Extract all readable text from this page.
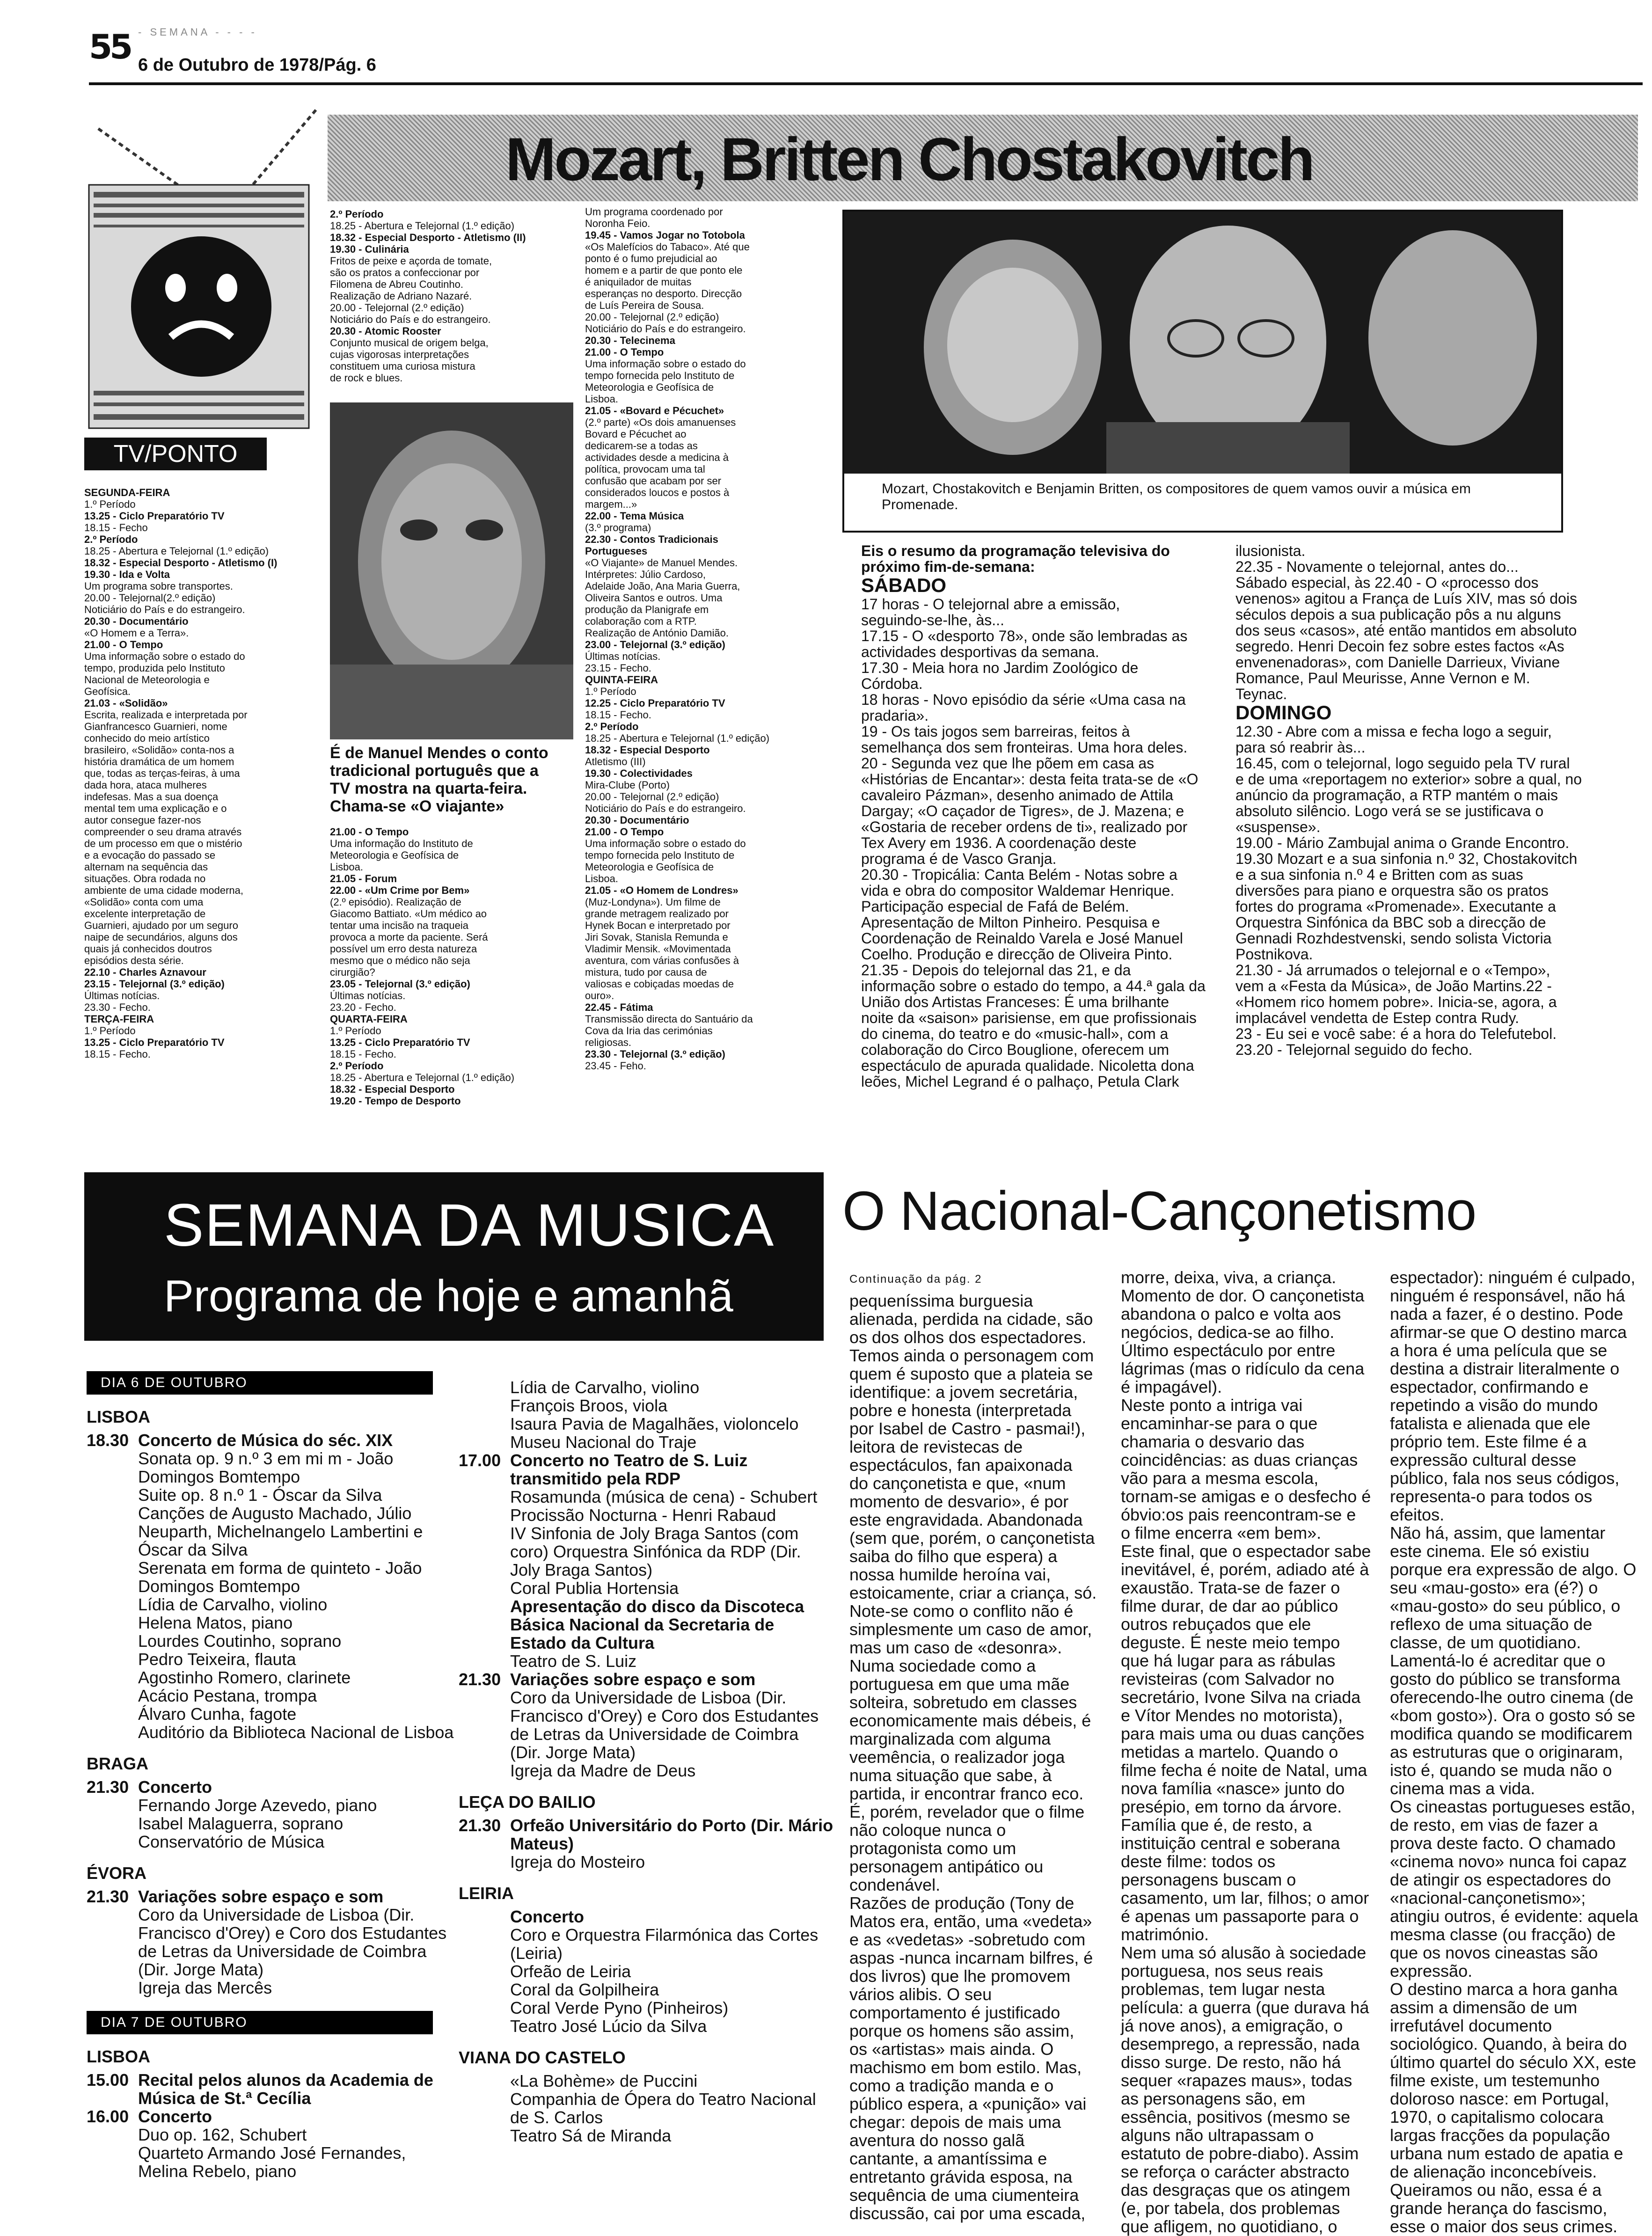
55 - SEMANA - - - -
6 de Outubro de 1978/Pág. 6
TV/PONTO
SEGUNDA-FEIRA
1.º Período
13.25 - Ciclo Preparatório TV
18.15 - Fecho
2.º Período
18.25 - Abertura e Telejornal (1.º edição)
18.32 - Especial Desporto - Atletismo (I)
19.30 - Ida e Volta
Um programa sobre transportes.
20.00 - Telejornal(2.º edição)
Noticiário do País e do estrangeiro.
20.30 - Documentário
«O Homem e a Terra».
21.00 - O Tempo
Uma informação sobre o estado do
tempo, produzida pelo Instituto
Nacional de Meteorologia e
Geofísica.
21.03 - «Solidão»
Escrita, realizada e interpretada por
Gianfrancesco Guarnieri, nome
conhecido do meio artístico
brasileiro, «Solidão» conta-nos a
história dramática de um homem
que, todas as terças-feiras, à uma
dada hora, ataca mulheres
indefesas. Mas a sua doença
mental tem uma explicação e o
autor consegue fazer-nos
compreender o seu drama através
de um processo em que o mistério
e a evocação do passado se
alternam na sequência das
situações. Obra rodada no
ambiente de uma cidade moderna,
«Solidão» conta com uma
excelente interpretação de
Guarnieri, ajudado por um seguro
naipe de secundários, alguns dos
quais já conhecidos doutros
episódios desta série.
22.10 - Charles Aznavour
23.15 - Telejornal (3.º edição)
Últimas notícias.
23.30 - Fecho.
TERÇA-FEIRA
1.º Período
13.25 - Ciclo Preparatório TV
18.15 - Fecho.
2.º Período
18.25 - Abertura e Telejornal (1.º edição)
18.32 - Especial Desporto - Atletismo (II)
19.30 - Culinária
Fritos de peixe e açorda de tomate,
são os pratos a confeccionar por
Filomena de Abreu Coutinho.
Realização de Adriano Nazaré.
20.00 - Telejornal (2.º edição)
Noticiário do País e do estrangeiro.
20.30 - Atomic Rooster
Conjunto musical de origem belga,
cujas vigorosas interpretações
constituem uma curiosa mistura
de rock e blues.
É de Manuel Mendes o conto
tradicional português que a
TV mostra na quarta-feira.
Chama-se «O viajante»
21.00 - O Tempo
Uma informação do Instituto de
Meteorologia e Geofísica de
Lisboa.
21.05 - Forum
22.00 - «Um Crime por Bem»
(2.º episódio). Realização de
Giacomo Battiato. «Um médico ao
tentar uma incisão na traqueia
provoca a morte da paciente. Será
possível um erro desta natureza
mesmo que o médico não seja
cirurgião?
23.05 - Telejornal (3.º edição)
Últimas notícias.
23.20 - Fecho.
QUARTA-FEIRA
1.º Período
13.25 - Ciclo Preparatório TV
18.15 - Fecho.
2.º Período
18.25 - Abertura e Telejornal (1.º edição)
18.32 - Especial Desporto
19.20 - Tempo de Desporto
Um programa coordenado por
Noronha Feio.
19.45 - Vamos Jogar no Totobola
«Os Malefícios do Tabaco». Até que
ponto é o fumo prejudicial ao
homem e a partir de que ponto ele
é aniquilador de muitas
esperanças no desporto. Direcção
de Luís Pereira de Sousa.
20.00 - Telejornal (2.º edição)
Noticiário do País e do estrangeiro.
20.30 - Telecinema
21.00 - O Tempo
Uma informação sobre o estado do
tempo fornecida pelo Instituto de
Meteorologia e Geofísica de
Lisboa.
21.05 - «Bovard e Pécuchet»
(2.º parte) «Os dois amanuenses
Bovard e Pécuchet ao
dedicarem-se a todas as
actividades desde a medicina à
política, provocam uma tal
confusão que acabam por ser
considerados loucos e postos à
margem...»
22.00 - Tema Música
(3.º programa)
22.30 - Contos Tradicionais
Portugueses
«O Viajante» de Manuel Mendes.
Intérpretes: Júlio Cardoso,
Adelaide João, Ana Maria Guerra,
Oliveira Santos e outros. Uma
produção da Planigrafe em
colaboração com a RTP.
Realização de António Damião.
23.00 - Telejornal (3.º edição)
Últimas notícias.
23.15 - Fecho.
QUINTA-FEIRA
1.º Período
12.25 - Ciclo Preparatório TV
18.15 - Fecho.
2.º Período
18.25 - Abertura e Telejornal (1.º edição)
18.32 - Especial Desporto
Atletismo (III)
19.30 - Colectividades
Mira-Clube (Porto)
20.00 - Telejornal (2.º edição)
Noticiário do País e do estrangeiro.
20.30 - Documentário
21.00 - O Tempo
Uma informação sobre o estado do
tempo fornecida pelo Instituto de
Meteorologia e Geofísica de
Lisboa.
21.05 - «O Homem de Londres»
(Muz-Londyna»). Um filme de
grande metragem realizado por
Hynek Bocan e interpretado por
Jiri Sovak, Stanisla Remunda e
Vladimir Mensik. «Movimentada
aventura, com várias confusões à
mistura, tudo por causa de
valiosas e cobiçadas moedas de
ouro».
22.45 - Fátima
Transmissão directa do Santuário da
Cova da Iria das cerimónias
religiosas.
23.30 - Telejornal (3.º edição)
23.45 - Feho.
Mozart, Britten Chostakovitch
Mozart, Chostakovitch e Benjamin Britten, os compositores de quem vamos ouvir a música em
Promenade.
Eis o resumo da programação televisiva do
próximo fim-de-semana:
SÁBADO
17 horas - O telejornal abre a emissão,
seguindo-se-lhe, às...
17.15 - O «desporto 78», onde são lembradas as
actividades desportivas da semana.
17.30 - Meia hora no Jardim Zoológico de
Córdoba.
18 horas - Novo episódio da série «Uma casa na
pradaria».
19 - Os tais jogos sem barreiras, feitos à
semelhança dos sem fronteiras. Uma hora deles.
20 - Segunda vez que lhe põem em casa as
«Histórias de Encantar»: desta feita trata-se de «O
cavaleiro Pázman», desenho animado de Attila
Dargay; «O caçador de Tigres», de J. Mazena; e
«Gostaria de receber ordens de ti», realizado por
Tex Avery em 1936. A coordenação deste
programa é de Vasco Granja.
20.30 - Tropicália: Canta Belém - Notas sobre a
vida e obra do compositor Waldemar Henrique.
Participação especial de Fafá de Belém.
Apresentação de Milton Pinheiro. Pesquisa e
Coordenação de Reinaldo Varela e José Manuel
Coelho. Produção e direcção de Oliveira Pinto.
21.35 - Depois do telejornal das 21, e da
informação sobre o estado do tempo, a 44.ª gala da
União dos Artistas Franceses: É uma brilhante
noite da «saison» parisiense, em que profissionais
do cinema, do teatro e do «music-hall», com a
colaboração do Circo Bouglione, oferecem um
espectáculo de apurada qualidade. Nicoletta dona
leões, Michel Legrand é o palhaço, Petula Clark
ilusionista.
22.35 - Novamente o telejornal, antes do...
Sábado especial, às 22.40 - O «processo dos
venenos» agitou a França de Luís XIV, mas só dois
séculos depois a sua publicação pôs a nu alguns
dos seus «casos», até então mantidos em absoluto
segredo. Henri Decoin fez sobre estes factos «As
envenenadoras», com Danielle Darrieux, Viviane
Romance, Paul Meurisse, Anne Vernon e M.
Teynac.
DOMINGO
12.30 - Abre com a missa e fecha logo a seguir,
para só reabrir às...
16.45, com o telejornal, logo seguido pela TV rural
e de uma «reportagem no exterior» sobre a qual, no
anúncio da programação, a RTP mantém o mais
absoluto silêncio. Logo verá se se justificava o
«suspense».
19.00 - Mário Zambujal anima o Grande Encontro.
19.30 Mozart e a sua sinfonia n.º 32, Chostakovitch
e a sua sinfonia n.º 4 e Britten com as suas
diversões para piano e orquestra são os pratos
fortes do programa «Promenade». Executante a
Orquestra Sinfónica da BBC sob a direcção de
Gennadi Rozhdestvenski, sendo solista Victoria
Postnikova.
21.30 - Já arrumados o telejornal e o «Tempo»,
vem a «Festa da Música», de João Martins.22 -
«Homem rico homem pobre». Inicia-se, agora, a
implacável vendetta de Estep contra Rudy.
23 - Eu sei e você sabe: é a hora do Telefutebol.
23.20 - Telejornal seguido do fecho.
SEMANA DA MUSICA
Programa de hoje e amanhã
DIA 6 DE OUTUBRO
LISBOA
18.30 Concerto de Música do séc. XIX
Sonata op. 9 n.º 3 em mi m - João
Domingos Bomtempo
Suite op. 8 n.º 1 - Óscar da Silva
Canções de Augusto Machado, Júlio
Neuparth, Michelnangelo Lambertini e
Óscar da Silva
Serenata em forma de quinteto - João
Domingos Bomtempo
Lídia de Carvalho, violino
Helena Matos, piano
Lourdes Coutinho, soprano
Pedro Teixeira, flauta
Agostinho Romero, clarinete
Acácio Pestana, trompa
Álvaro Cunha, fagote
Auditório da Biblioteca Nacional de Lisboa
BRAGA
21.30 Concerto
Fernando Jorge Azevedo, piano
Isabel Malaguerra, soprano
Conservatório de Música
ÉVORA
21.30 Variações sobre espaço e som
Coro da Universidade de Lisboa (Dir.
Francisco d'Orey) e Coro dos Estudantes
de Letras da Universidade de Coimbra
(Dir. Jorge Mata)
Igreja das Mercês
DIA 7 DE OUTUBRO
LISBOA
15.00 Recital pelos alunos da Academia de
Música de St.ª Cecília
16.00 Concerto
Duo op. 162, Schubert
Quarteto Armando José Fernandes,
Melina Rebelo, piano
Lídia de Carvalho, violino
François Broos, viola
Isaura Pavia de Magalhães, violoncelo
Museu Nacional do Traje
17.00 Concerto no Teatro de S. Luiz
transmitido pela RDP
Rosamunda (música de cena) - Schubert
Procissão Nocturna - Henri Rabaud
IV Sinfonia de Joly Braga Santos (com
coro) Orquestra Sinfónica da RDP (Dir.
Joly Braga Santos)
Coral Publia Hortensia
Apresentação do disco da Discoteca
Básica Nacional da Secretaria de
Estado da Cultura
Teatro de S. Luiz
21.30 Variações sobre espaço e som
Coro da Universidade de Lisboa (Dir.
Francisco d'Orey) e Coro dos Estudantes
de Letras da Universidade de Coimbra
(Dir. Jorge Mata)
Igreja da Madre de Deus
LEÇA DO BAILIO
21.30 Orfeão Universitário do Porto (Dir. Mário
Mateus)
Igreja do Mosteiro
LEIRIA
Concerto
Coro e Orquestra Filarmónica das Cortes
(Leiria)
Orfeão de Leiria
Coral da Golpilheira
Coral Verde Pyno (Pinheiros)
Teatro José Lúcio da Silva
VIANA DO CASTELO
«La Bohème» de Puccini
Companhia de Ópera do Teatro Nacional
de S. Carlos
Teatro Sá de Miranda
O Nacional-Cançonetismo
Continuação da pág. 2
pequeníssima burguesia
alienada, perdida na cidade, são
os dos olhos dos espectadores.
Temos ainda o personagem com
quem é suposto que a plateia se
identifique: a jovem secretária,
pobre e honesta (interpretada
por Isabel de Castro - pasmai!),
leitora de revistecas de
espectáculos, fan apaixonada
do cançonetista e que, «num
momento de desvario», é por
este engravidada. Abandonada
(sem que, porém, o cançonetista
saiba do filho que espera) a
nossa humilde heroína vai,
estoicamente, criar a criança, só.
Note-se como o conflito não é
simplesmente um caso de amor,
mas um caso de «desonra».
Numa sociedade como a
portuguesa em que uma mãe
solteira, sobretudo em classes
economicamente mais débeis, é
marginalizada com alguma
veemência, o realizador joga
numa situação que sabe, à
partida, ir encontrar franco eco.
É, porém, revelador que o filme
não coloque nunca o
protagonista como um
personagem antipático ou
condenável.
Razões de produção (Tony de
Matos era, então, uma «vedeta»
e as «vedetas» -sobretudo com
aspas -nunca incarnam bilfres, é
dos livros) que lhe promovem
vários alibis. O seu
comportamento é justificado
porque os homens são assim,
os «artistas» mais ainda. O
machismo em bom estilo. Mas,
como a tradição manda e o
público espera, a «punição» vai
chegar: depois de mais uma
aventura do nosso galã
cantante, a amantíssima e
entretanto grávida esposa, na
sequência de uma ciumenteira
discussão, cai por uma escada,
morre, deixa, viva, a criança.
Momento de dor. O cançonetista
abandona o palco e volta aos
negócios, dedica-se ao filho.
Último espectáculo por entre
lágrimas (mas o ridículo da cena
é impagável).
Neste ponto a intriga vai
encaminhar-se para o que
chamaria o desvario das
coincidências: as duas crianças
vão para a mesma escola,
tornam-se amigas e o desfecho é
óbvio:os pais reencontram-se e
o filme encerra «em bem».
Este final, que o espectador sabe
inevitável, é, porém, adiado até à
exaustão. Trata-se de fazer o
filme durar, de dar ao público
outros rebuçados que ele
deguste. É neste meio tempo
que há lugar para as rábulas
revisteiras (com Salvador no
secretário, Ivone Silva na criada
e Vítor Mendes no motorista),
para mais uma ou duas canções
metidas a martelo. Quando o
filme fecha é noite de Natal, uma
nova família «nasce» junto do
presépio, em torno da árvore.
Família que é, de resto, a
instituição central e soberana
deste filme: todos os
personagens buscam o
casamento, um lar, filhos; o amor
é apenas um passaporte para o
matrimónio.
Nem uma só alusão à sociedade
portuguesa, nos seus reais
problemas, tem lugar nesta
película: a guerra (que durava há
já nove anos), a emigração, o
desemprego, a repressão, nada
disso surge. De resto, não há
sequer «rapazes maus», todas
as personagens são, em
essência, positivos (mesmo se
alguns não ultrapassam o
estatuto de pobre-diabo). Assim
se reforça o carácter abstracto
das desgraças que os atingem
(e, por tabela, dos problemas
que afligem, no quotidiano, o
espectador): ninguém é culpado,
ninguém é responsável, não há
nada a fazer, é o destino. Pode
afirmar-se que O destino marca
a hora é uma película que se
destina a distrair literalmente o
espectador, confirmando e
repetindo a visão do mundo
fatalista e alienada que ele
próprio tem. Este filme é a
expressão cultural desse
público, fala nos seus códigos,
representa-o para todos os
efeitos.
Não há, assim, que lamentar
este cinema. Ele só existiu
porque era expressão de algo. O
seu «mau-gosto» era (é?) o
«mau-gosto» do seu público, o
reflexo de uma situação de
classe, de um quotidiano.
Lamentá-lo é acreditar que o
gosto do público se transforma
oferecendo-lhe outro cinema (de
«bom gosto»). Ora o gosto só se
modifica quando se modificarem
as estruturas que o originaram,
isto é, quando se muda não o
cinema mas a vida.
Os cineastas portugueses estão,
de resto, em vias de fazer a
prova deste facto. O chamado
«cinema novo» nunca foi capaz
de atingir os espectadores do
«nacional-cançonetismo»;
atingiu outros, é evidente: aquela
mesma classe (ou fracção) de
que os novos cineastas são
expressão.
O destino marca a hora ganha
assim a dimensão de um
irrefutável documento
sociológico. Quando, à beira do
último quartel do século XX, este
filme existe, um testemunho
doloroso nasce: em Portugal,
1970, o capitalismo colocara
largas fracções da população
urbana num estado de apatia e
de alienação inconcebíveis.
Queiramos ou não, essa é a
grande herança do fascismo,
esse o maior dos seus crimes.
